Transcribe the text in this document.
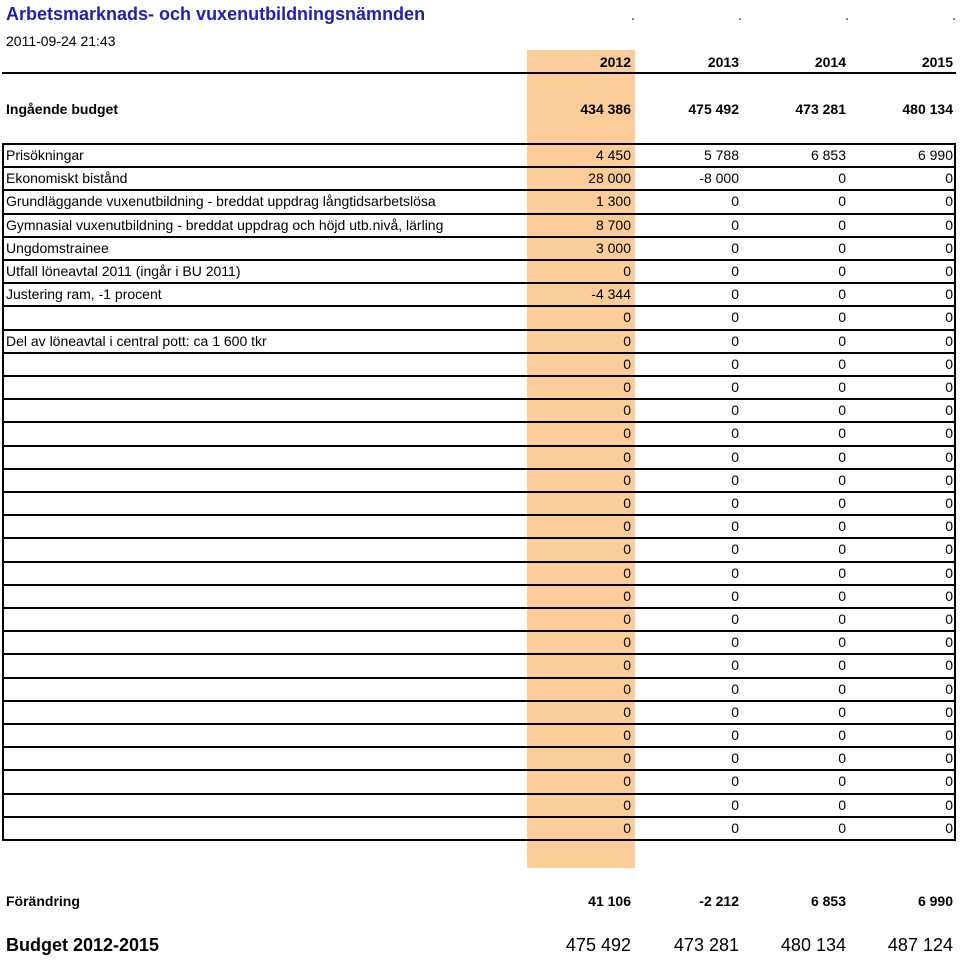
Arbetsmarknads- och vuxenutbildningsnämnden
2011-09-24 21:43
2012	2013	2014	2015
Ingående budget	434 386	475 492	473 281	480 134
Prisökningar	4 450	5 788	6 853	6 990
Ekonomiskt bistånd	28 000	-8 000	0	0
Grundläggande vuxenutbildning - breddat uppdrag långtidsarbetslösa	1 300	0	0	0
Gymnasial vuxenutbildning - breddat uppdrag och höjd utb.nivå, lärling	8 700	0	0	0
Ungdomstrainee	3 000	0	0	0
Utfall löneavtal 2011 (ingår i BU 2011)	0	0	0	0
Justering ram, -1 procent	-4 344	0	0	0
0	0	0	0
Del av löneavtal i central pott: ca 1 600 tkr	0	0	0	0
0	0	0	0
0	0	0	0
0	0	0	0
0	0	0	0
0	0	0	0
0	0	0	0
0	0	0	0
0	0	0	0
0	0	0	0
0	0	0	0
0	0	0	0
0	0	0	0
0	0	0	0
0	0	0	0
0	0	0	0
0	0	0	0
0	0	0	0
0	0	0	0
0	0	0	0
0	0	0	0
0	0	0	0
Förändring	41 106	-2 212	6 853	6 990
Budget 2012-2015	475 492	473 281	480 134	487 124
